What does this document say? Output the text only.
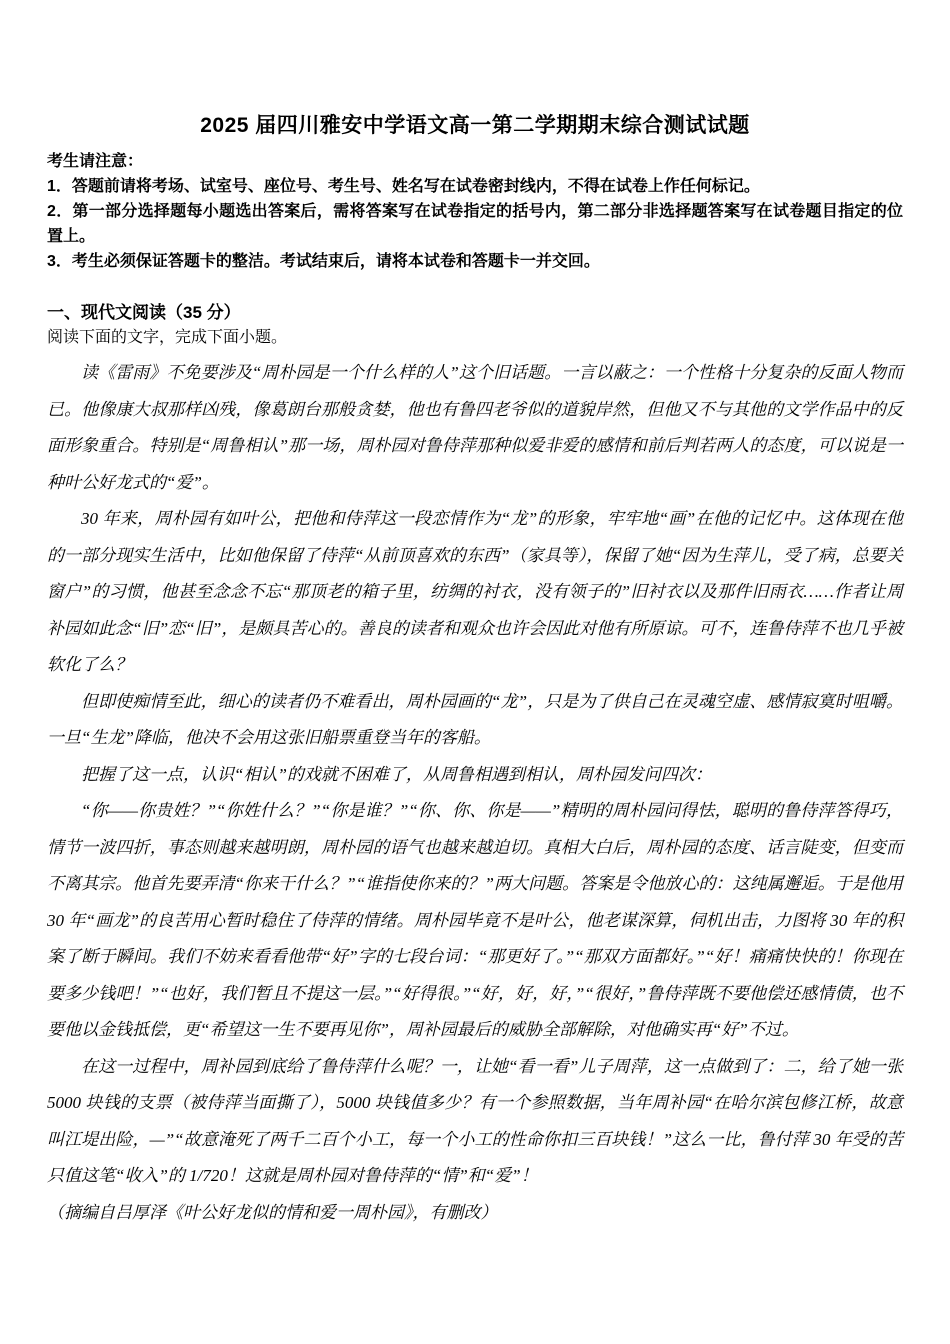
2025 届四川雅安中学语文高一第二学期期末综合测试试题

考生请注意：

1．答题前请将考场、试室号、座位号、考生号、姓名写在试卷密封线内，不得在试卷上作任何标记。

2．第一部分选择题每小题选出答案后，需将答案写在试卷指定的括号内，第二部分非选择题答案写在试卷题目指定的位置上。

3．考生必须保证答题卡的整洁。考试结束后，请将本试卷和答题卡一并交回。

一、现代文阅读（35 分）

阅读下面的文字，完成下面小题。

读《雷雨》不免要涉及“周朴园是一个什么样的人”这个旧话题。一言以蔽之：一个性格十分复杂的反面人物而已。他像康大叔那样凶残，像葛朗台那般贪婪，他也有鲁四老爷似的道貌岸然，但他又不与其他的文学作品中的反面形象重合。特别是“周鲁相认”那一场，周朴园对鲁侍萍那种似爱非爱的感情和前后判若两人的态度，可以说是一种叶公好龙式的“爱”。

30 年来，周朴园有如叶公，把他和侍萍这一段恋情作为“龙”的形象，牢牢地“画”在他的记忆中。这体现在他的一部分现实生活中，比如他保留了侍萍“从前顶喜欢的东西”（家具等），保留了她“因为生萍儿，受了病，总要关窗户”的习惯，他甚至念念不忘“那顶老的箱子里，纺绸的衬衣，没有领子的”旧衬衣以及那件旧雨衣……作者让周补园如此念“旧”恋“旧”，是颇具苦心的。善良的读者和观众也许会因此对他有所原谅。可不，连鲁侍萍不也几乎被软化了么？

但即使痴情至此，细心的读者仍不难看出，周朴园画的“龙”，只是为了供自己在灵魂空虚、感情寂寞时咀嚼。一旦“生龙”降临，他决不会用这张旧船票重登当年的客船。

把握了这一点，认识“相认”的戏就不困难了，从周鲁相遇到相认，周朴园发问四次：

“你——你贵姓？”“你姓什么？”“你是谁？”“你、你、你是——”精明的周朴园问得怯，聪明的鲁侍萍答得巧，情节一波四折，事态则越来越明朗，周朴园的语气也越来越迫切。真相大白后，周朴园的态度、话言陡变，但变而不离其宗。他首先要弄清“你来干什么？”“谁指使你来的？”两大问题。答案是令他放心的：这纯属邂逅。于是他用 30 年“画龙”的良苦用心暂时稳住了侍萍的情绪。周朴园毕竟不是叶公，他老谋深算，伺机出击，力图将 30 年的积案了断于瞬间。我们不妨来看看他带“好”字的七段台词：“那更好了。”“那双方面都好。”“好！痛痛快快的！你现在要多少钱吧！”“也好，我们暂且不提这一层。”“好得很。”“好，好，好，”“很好，”鲁侍萍既不要他偿还感情债，也不要他以金钱抵偿，更“希望这一生不要再见你”，周补园最后的威胁全部解除，对他确实再“好”不过。

在这一过程中，周补园到底给了鲁侍萍什么呢？一，让她“看一看”儿子周萍，这一点做到了：二，给了她一张 5000 块钱的支票（被侍萍当面撕了），5000 块钱值多少？有一个参照数据，当年周补园“在哈尔滨包修江桥，故意叫江堤出险，—”“故意淹死了两千二百个小工，每一个小工的性命你扣三百块钱！”这么一比，鲁付萍 30 年受的苦只值这笔“收入”的 1/720！这就是周朴园对鲁侍萍的“情”和“爱”！

（摘编自吕厚泽《叶公好龙似的情和爱一周朴园》，有删改）
